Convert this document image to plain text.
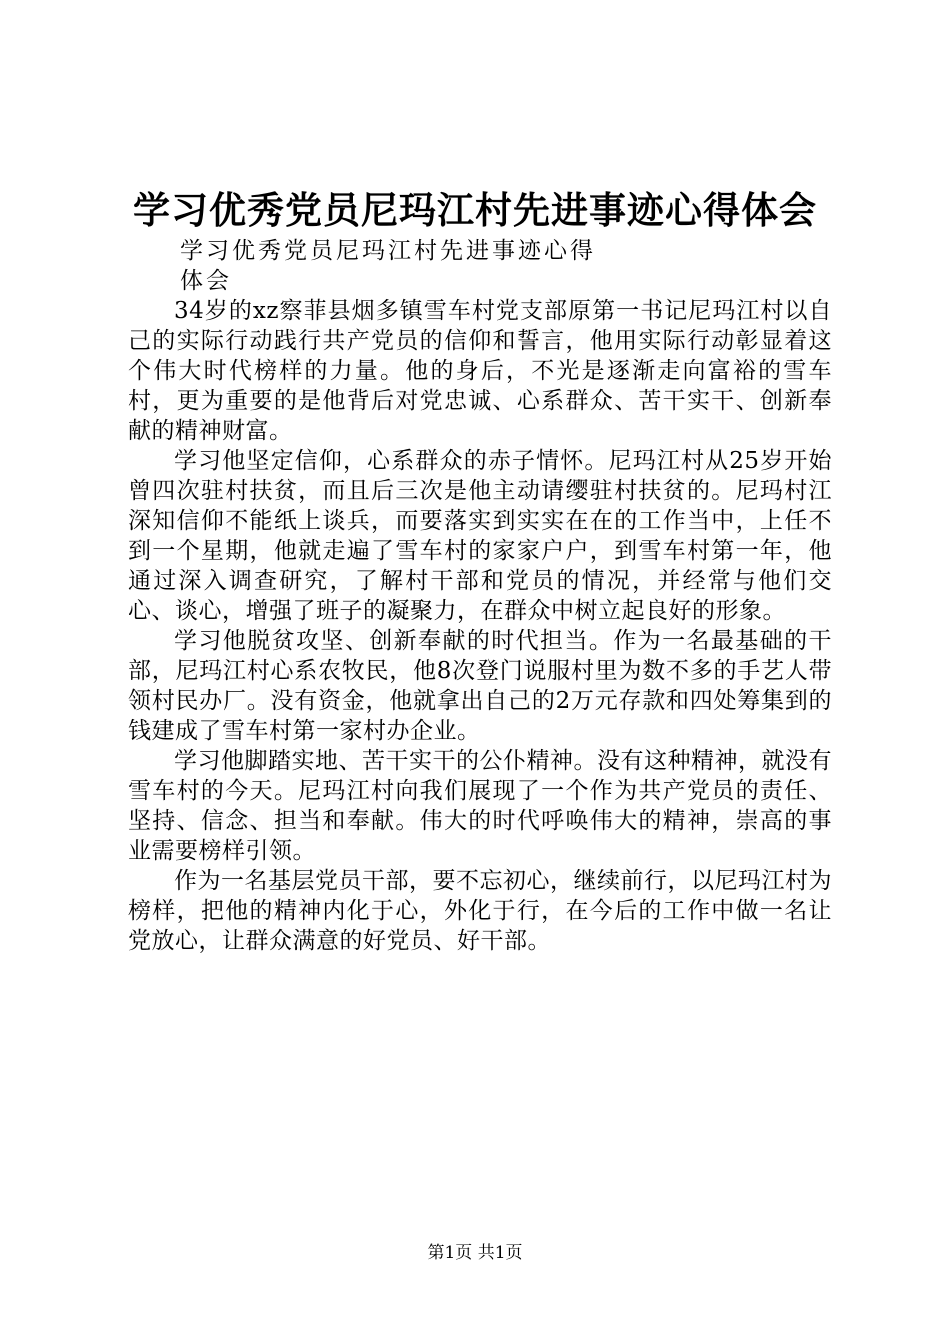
学习优秀党员尼玛江村先进事迹心得体会
学习优秀党员尼玛江村先进事迹心得体会

34岁的xz察菲县烟多镇雪车村党支部原第一书记尼玛江村以自己的实际行动践行共产党员的信仰和誓言，他用实际行动彰显着这个伟大时代榜样的力量。他的身后，不光是逐渐走向富裕的雪车村，更为重要的是他背后对党忠诚、心系群众、苦干实干、创新奉献的精神财富。

学习他坚定信仰，心系群众的赤子情怀。尼玛江村从25岁开始曾四次驻村扶贫，而且后三次是他主动请缨驻村扶贫的。尼玛村江深知信仰不能纸上谈兵，而要落实到实实在在的工作当中，上任不到一个星期，他就走遍了雪车村的家家户户，到雪车村第一年，他通过深入调查研究，了解村干部和党员的情况，并经常与他们交心、谈心，增强了班子的凝聚力，在群众中树立起良好的形象。

学习他脱贫攻坚、创新奉献的时代担当。作为一名最基础的干部，尼玛江村心系农牧民，他8次登门说服村里为数不多的手艺人带领村民办厂。没有资金，他就拿出自己的2万元存款和四处筹集到的钱建成了雪车村第一家村办企业。

学习他脚踏实地、苦干实干的公仆精神。没有这种精神，就没有雪车村的今天。尼玛江村向我们展现了一个作为共产党员的责任、坚持、信念、担当和奉献。伟大的时代呼唤伟大的精神，崇高的事业需要榜样引领。

作为一名基层党员干部，要不忘初心，继续前行，以尼玛江村为榜样，把他的精神内化于心，外化于行，在今后的工作中做一名让党放心，让群众满意的好党员、好干部。

第1页 共1页
